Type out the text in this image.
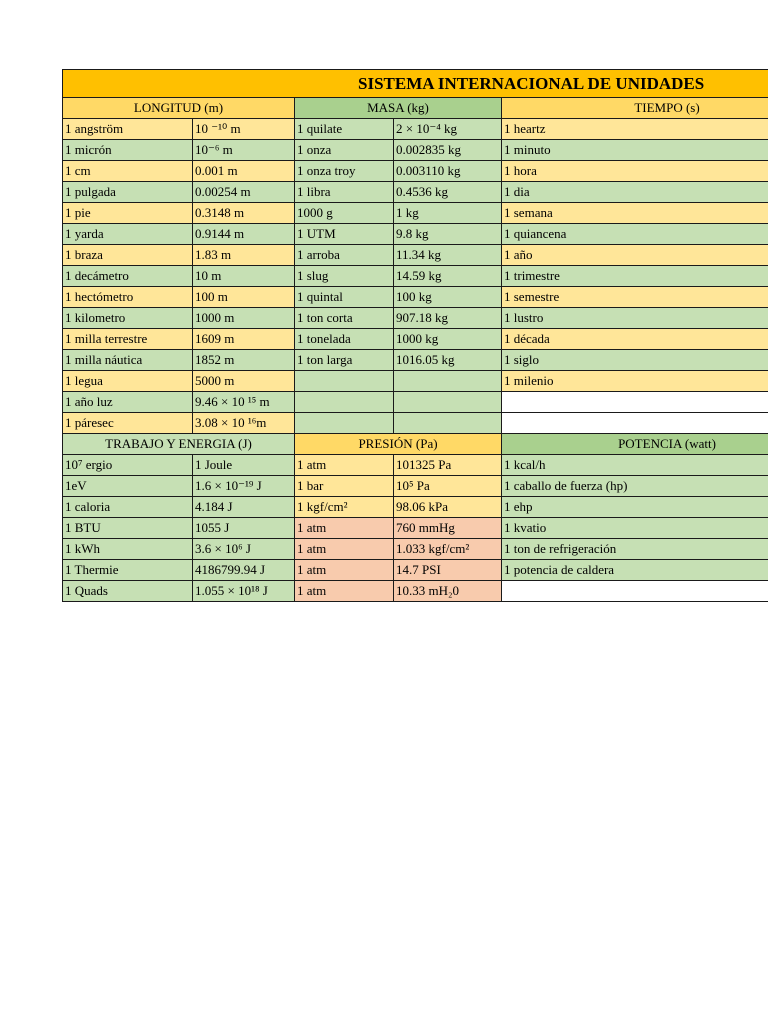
SISTEMA INTERNACIONAL DE UNIDADES				
LONGITUD (m)		MASA (kg)		TIEMPO (s)
1 angström	10 ⁻¹⁰ m	1 quilate	2 × 10⁻⁴ kg	1 heartz
1 micrón	10⁻⁶ m	1 onza	0.002835 kg	1 minuto
1 cm	0.001 m	1 onza troy	0.003110 kg	1 hora
1 pulgada	0.00254 m	1 libra	0.4536 kg	1 dia
1 pie	0.3148 m	1000 g	1 kg	1 semana
1 yarda	0.9144 m	1 UTM	9.8 kg	1 quiancena
1 braza	1.83 m	1 arroba	11.34 kg	1 año
1 decámetro	10 m	1 slug	14.59 kg	1 trimestre
1 hectómetro	100 m	1 quintal	100 kg	1 semestre
1 kilometro	1000 m	1 ton corta	907.18 kg	1 lustro
1 milla terrestre	1609 m	1 tonelada	1000 kg	1 década
1 milla náutica	1852 m	1 ton larga	1016.05 kg	1 siglo
1 legua	5000 m			1 milenio
1 año luz	9.46 × 10 ¹⁵ m			
1 páresec	3.08 × 10 ¹⁶m			
TRABAJO Y ENERGIA (J)		PRESIÓN (Pa)		POTENCIA (watt)
10⁷ ergio	1 Joule	1 atm	101325 Pa	1 kcal/h
1eV	1.6 × 10⁻¹⁹ J	1 bar	10⁵ Pa	1 caballo de fuerza (hp)
1 caloria	4.184 J	1 kgf/cm²	98.06 kPa	1 ehp
1 BTU	1055 J	1 atm	760 mmHg	1 kvatio
1 kWh	3.6 × 10⁶ J	1 atm	1.033 kgf/cm²	1 ton de refrigeración
1 Thermie	4186799.94 J	1 atm	14.7 PSI	1 potencia de caldera
1 Quads	1.055 × 10¹⁸ J	1 atm	10.33 mH₂0	
